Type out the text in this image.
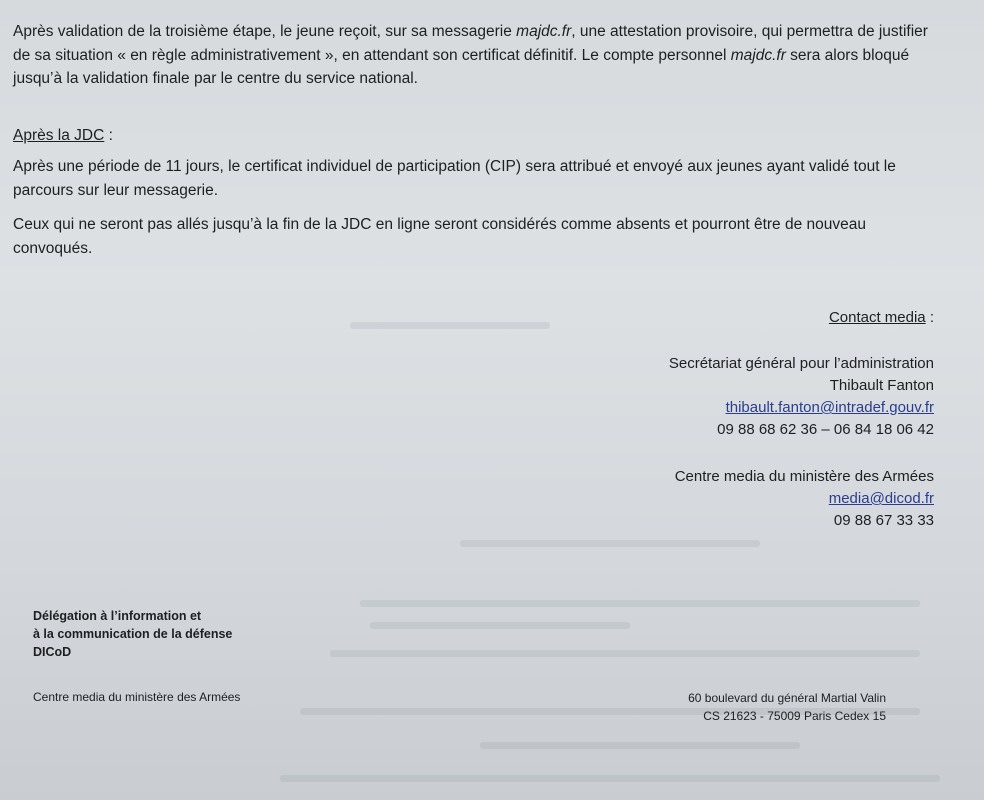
Après validation de la troisième étape, le jeune reçoit, sur sa messagerie majdc.fr, une attestation provisoire, qui permettra de justifier de sa situation « en règle administrativement », en attendant son certificat définitif. Le compte personnel majdc.fr sera alors bloqué jusqu’à la validation finale par le centre du service national.

Après la JDC :

Après une période de 11 jours, le certificat individuel de participation (CIP) sera attribué et envoyé aux jeunes ayant validé tout le parcours sur leur messagerie.

Ceux qui ne seront pas allés jusqu’à la fin de la JDC en ligne seront considérés comme absents et pourront être de nouveau convoqués.

Contact media :
Secrétariat général pour l’administration
Thibault Fanton
thibault.fanton@intradef.gouv.fr
09 88 68 62 36 – 06 84 18 06 42
Centre media du ministère des Armées
media@dicod.fr
09 88 67 33 33
Délégation à l’information et
à la communication de la défense
DICoD
Centre media du ministère des Armées	60 boulevard du général Martial Valin
CS 21623 - 75009 Paris Cedex 15
